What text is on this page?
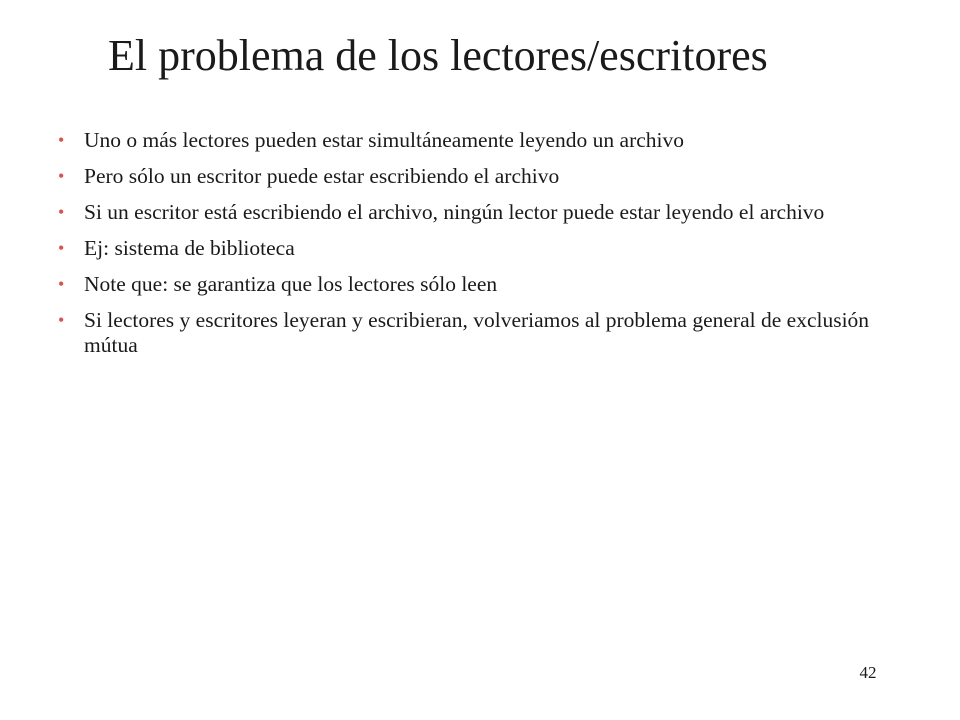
El problema de los lectores/escritores
• Uno o más lectores pueden estar simultáneamente leyendo un archivo
• Pero sólo un escritor puede estar escribiendo el archivo
• Si un escritor está escribiendo el archivo, ningún lector puede estar leyendo el archivo
• Ej: sistema de biblioteca
• Note que: se garantiza que los lectores sólo leen
• Si lectores y escritores leyeran y escribieran, volveriamos al problema general de exclusión mútua
42
